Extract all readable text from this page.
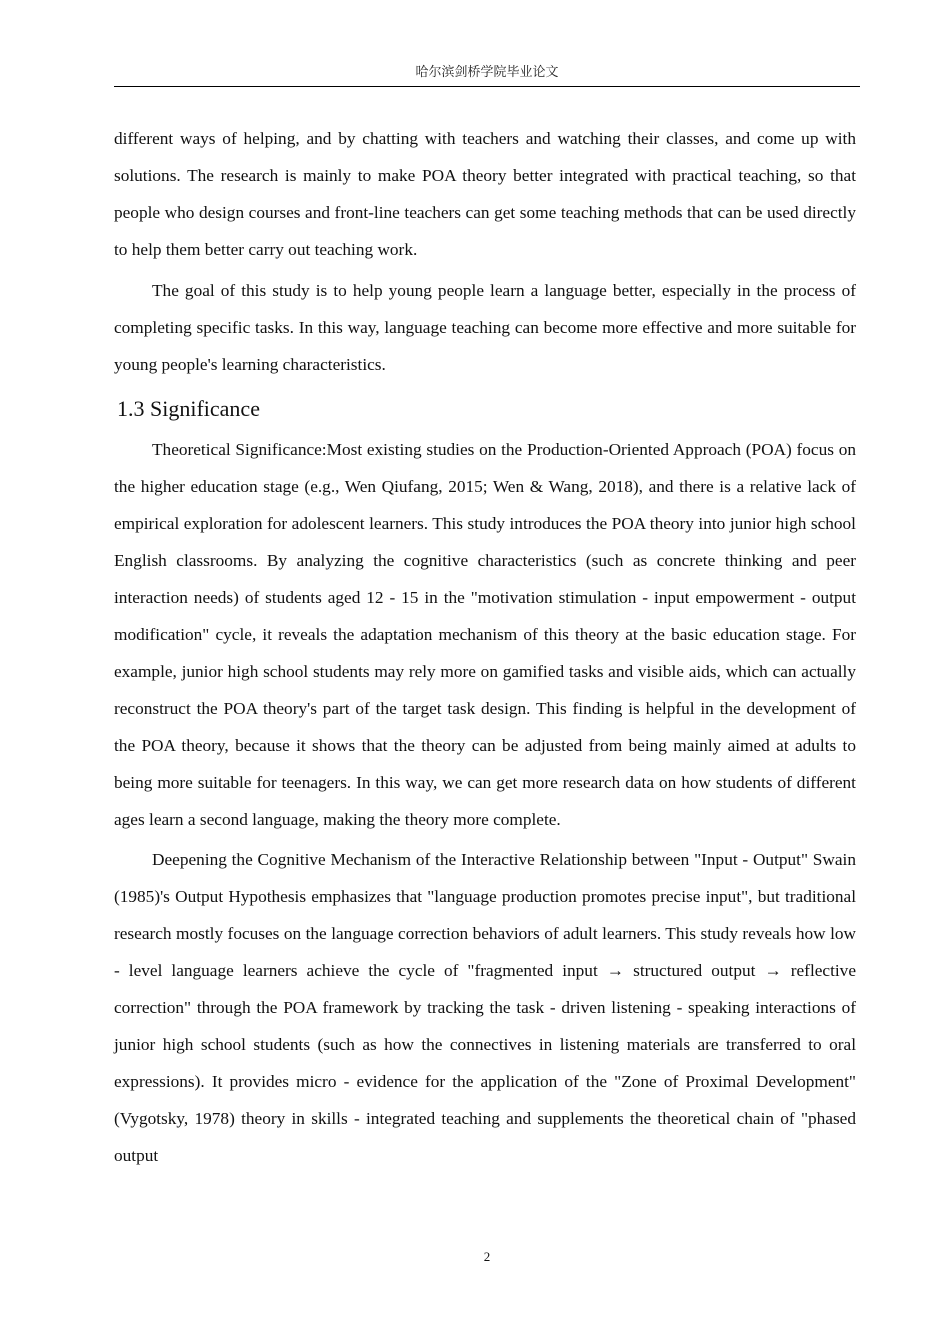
哈尔滨剑桥学院毕业论文

different ways of helping, and by chatting with teachers and watching their classes, and come up with solutions. The research is mainly to make POA theory better integrated with practical teaching, so that people who design courses and front-line teachers can get some teaching methods that can be used directly to help them better carry out teaching work.

The goal of this study is to help young people learn a language better, especially in the process of completing specific tasks. In this way, language teaching can become more effective and more suitable for young people's learning characteristics.

1.3 Significance

Theoretical Significance:Most existing studies on the Production-Oriented Approach (POA) focus on the higher education stage (e.g., Wen Qiufang, 2015; Wen & Wang, 2018), and there is a relative lack of empirical exploration for adolescent learners. This study introduces the POA theory into junior high school English classrooms. By analyzing the cognitive characteristics (such as concrete thinking and peer interaction needs) of students aged 12 - 15 in the "motivation stimulation - input empowerment - output modification" cycle, it reveals the adaptation mechanism of this theory at the basic education stage. For example, junior high school students may rely more on gamified tasks and visible aids, which can actually reconstruct the POA theory's part of the target task design. This finding is helpful in the development of the POA theory, because it shows that the theory can be adjusted from being mainly aimed at adults to being more suitable for teenagers. In this way, we can get more research data on how students of different ages learn a second language, making the theory more complete.

Deepening the Cognitive Mechanism of the Interactive Relationship between "Input - Output" Swain (1985)'s Output Hypothesis emphasizes that "language production promotes precise input", but traditional research mostly focuses on the language correction behaviors of adult learners. This study reveals how low - level language learners achieve the cycle of "fragmented input → structured output → reflective correction" through the POA framework by tracking the task - driven listening - speaking interactions of junior high school students (such as how the connectives in listening materials are transferred to oral expressions). It provides micro - evidence for the application of the "Zone of Proximal Development" (Vygotsky, 1978) theory in skills - integrated teaching and supplements the theoretical chain of "phased output

2
